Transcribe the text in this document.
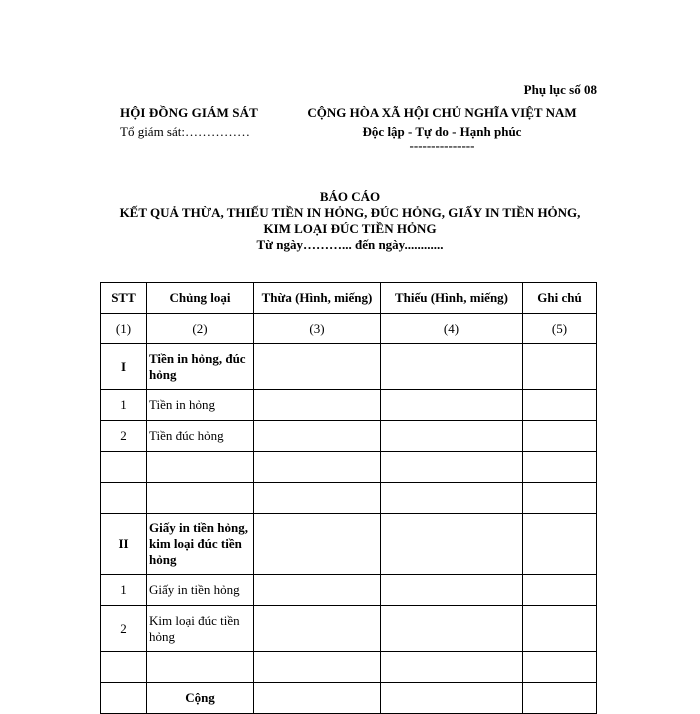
Phụ lục số 08
HỘI ĐỒNG GIÁM SÁT
Tổ giám sát:……………
CỘNG HÒA XÃ HỘI CHỦ NGHĨA VIỆT NAM
Độc lập - Tự do - Hạnh phúc
---------------
BÁO CÁO
KẾT QUẢ THỪA, THIẾU TIỀN IN HỎNG, ĐÚC HỎNG, GIẤY IN TIỀN HỎNG,
KIM LOẠI ĐÚC TIỀN HỎNG
Từ ngày………... đến ngày............
STT	Chủng loại	Thừa (Hình, miếng)	Thiếu (Hình, miếng)	Ghi chú
(1)	(2)	(3)	(4)	(5)
I	Tiền in hỏng, đúc hỏng			
1	Tiền in hỏng			
2	Tiền đúc hỏng			

II	Giấy in tiền hỏng, kim loại đúc tiền hỏng			
1	Giấy in tiền hỏng			
2	Kim loại đúc tiền hỏng			

	Cộng			
